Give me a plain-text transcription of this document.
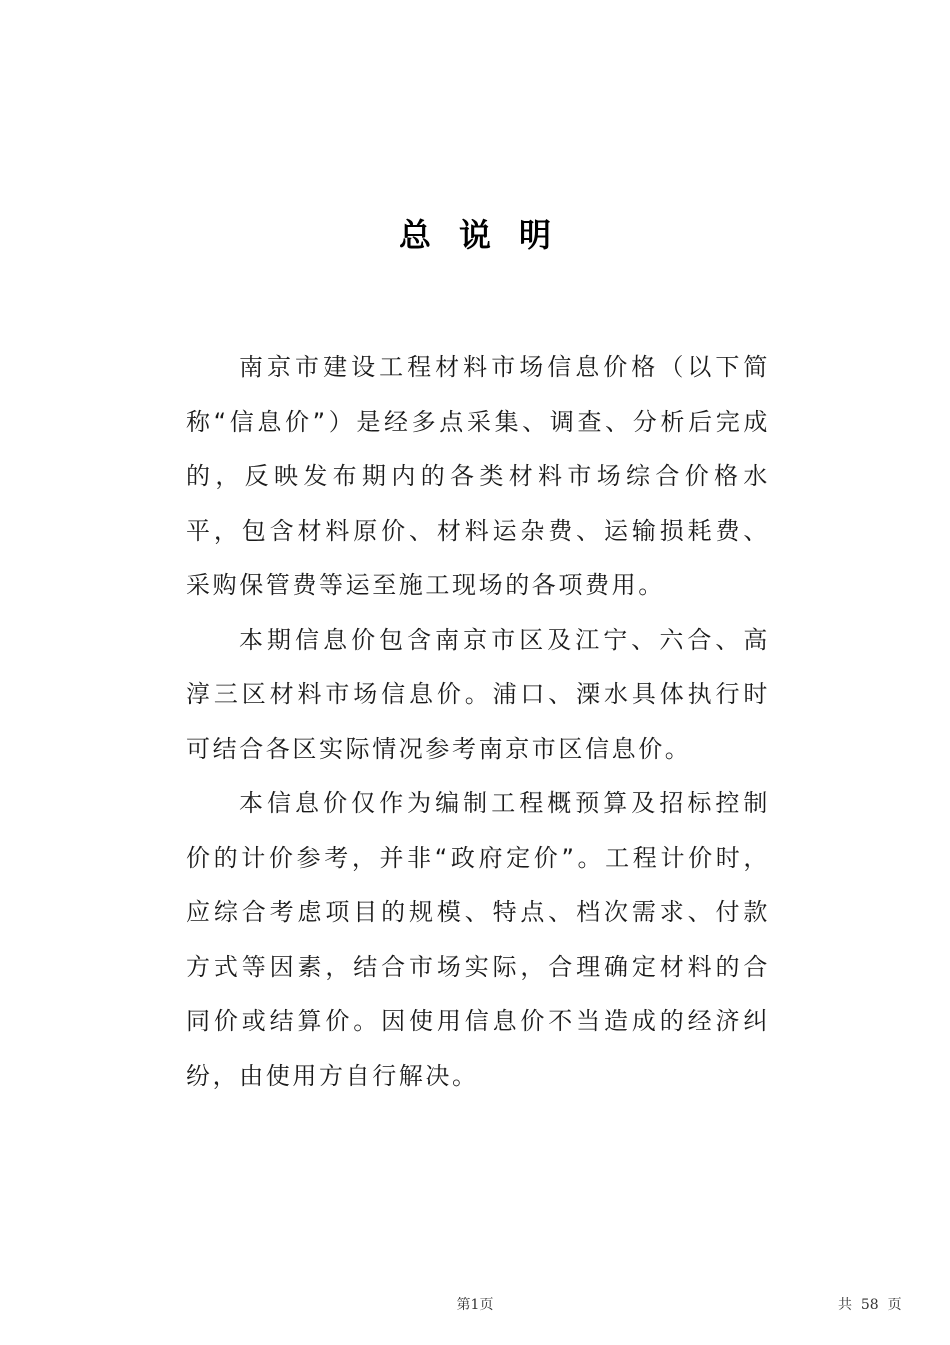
总说明

南京市建设工程材料市场信息价格（以下简称“信息价”）是经多点采集、调查、分析后完成的，反映发布期内的各类材料市场综合价格水平，包含材料原价、材料运杂费、运输损耗费、采购保管费等运至施工现场的各项费用。

本期信息价包含南京市区及江宁、六合、高淳三区材料市场信息价。浦口、溧水具体执行时可结合各区实际情况参考南京市区信息价。

本信息价仅作为编制工程概预算及招标控制价的计价参考，并非“政府定价”。工程计价时，应综合考虑项目的规模、特点、档次需求、付款方式等因素，结合市场实际，合理确定材料的合同价或结算价。因使用信息价不当造成的经济纠纷，由使用方自行解决。

第1页	共  58  页
